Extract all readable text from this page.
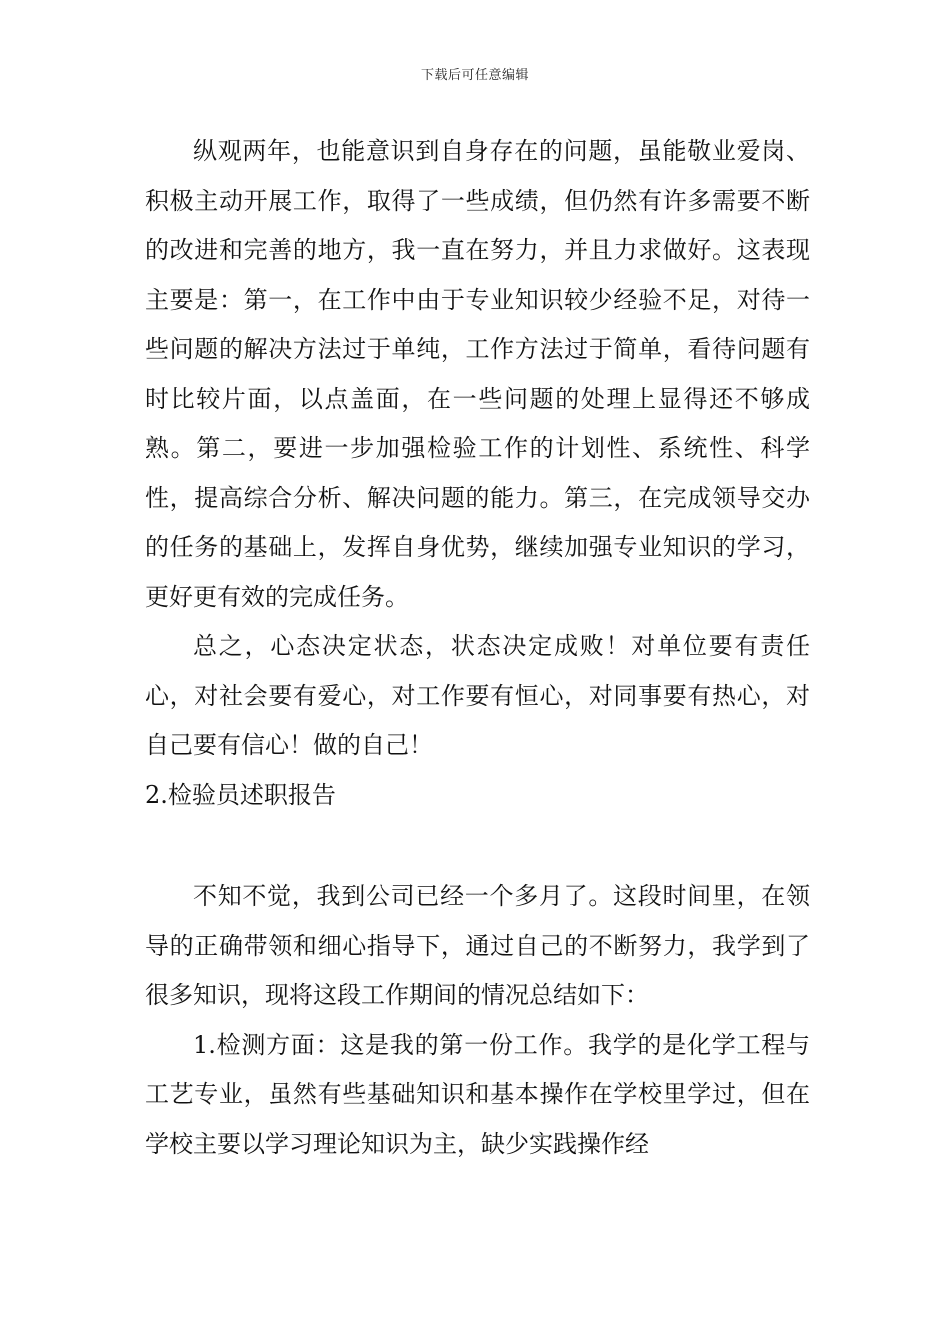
下载后可任意编辑

纵观两年，也能意识到自身存在的问题，虽能敬业爱岗、积极主动开展工作，取得了一些成绩，但仍然有许多需要不断的改进和完善的地方，我一直在努力，并且力求做好。这表现主要是：第一，在工作中由于专业知识较少经验不足，对待一些问题的解决方法过于单纯，工作方法过于简单，看待问题有时比较片面，以点盖面，在一些问题的处理上显得还不够成熟。第二，要进一步加强检验工作的计划性、系统性、科学性，提高综合分析、解决问题的能力。第三，在完成领导交办的任务的基础上，发挥自身优势，继续加强专业知识的学习，更好更有效的完成任务。

总之，心态决定状态，状态决定成败！对单位要有责任心，对社会要有爱心，对工作要有恒心，对同事要有热心，对自己要有信心！做的自己！

2.检验员述职报告

不知不觉，我到公司已经一个多月了。这段时间里，在领导的正确带领和细心指导下，通过自己的不断努力，我学到了很多知识，现将这段工作期间的情况总结如下：

1.检测方面：这是我的第一份工作。我学的是化学工程与工艺专业，虽然有些基础知识和基本操作在学校里学过，但在学校主要以学习理论知识为主，缺少实践操作经
